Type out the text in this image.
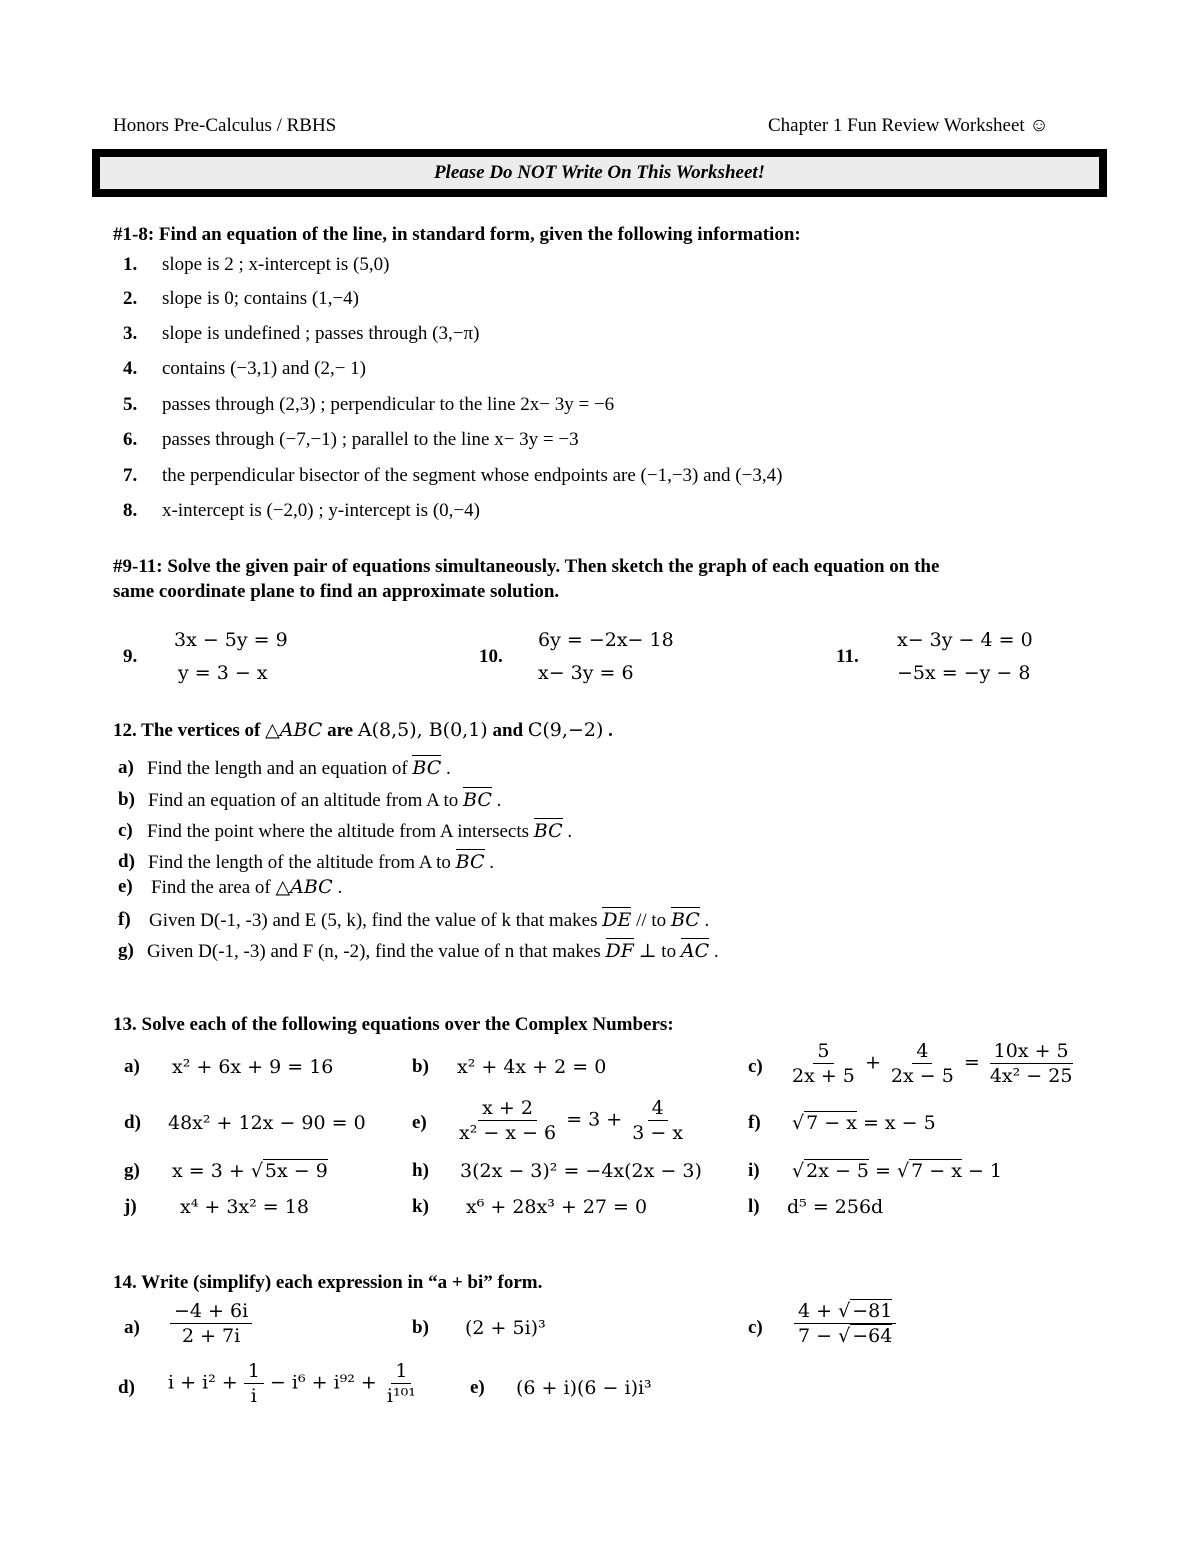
Honors Pre-Calculus / RBHS	Chapter 1 Fun Review Worksheet ☺
Please Do NOT Write On This Worksheet!
#1-8: Find an equation of the line, in standard form, given the following information:
1. slope is 2 ; x-intercept is (5,0)
2. slope is 0; contains (1,−4)
3. slope is undefined ; passes through (3,−π)
4. contains (−3,1) and (2,− 1)
5. passes through (2,3) ; perpendicular to the line 2x− 3y = −6
6. passes through (−7,−1) ; parallel to the line x− 3y = −3
7. the perpendicular bisector of the segment whose endpoints are (−1,−3) and (−3,4)
8. x-intercept is (−2,0) ; y-intercept is (0,−4)
#9-11: Solve the given pair of equations simultaneously. Then sketch the graph of each equation on the
same coordinate plane to find an approximate solution.
9.
3x − 5y = 9
y = 3 − x
10.
6y = −2x− 18
x− 3y = 6
11.
x− 3y − 4 = 0
−5x = −y − 8
12. The vertices of △ABC are A(8,5), B(0,1) and C(9,−2) .
a) Find the length and an equation of BC .
b) Find an equation of an altitude from A to BC .
c) Find the point where the altitude from A intersects BC .
d) Find the length of the altitude from A to BC .
e) Find the area of △ABC .
f) Given D(-1, -3) and E (5, k), find the value of k that makes DE // to BC .
g) Given D(-1, -3) and F (n, -2), find the value of n that makes DF ⊥ to AC .
13. Solve each of the following equations over the Complex Numbers:
a) x² + 6x + 9 = 16	b) x² + 4x + 2 = 0	$c) \frac{5}{2x + 5} + \frac{4}{2x - 5} = \frac{10x + 5}{\text{4x² − 25}}$
d) 48x² + 12x − 90 = 0 $e) \frac{x + 2}{\text{x² − x − 6}} = 3 + \frac{4}{3 - x}$	f) √ 7 − x = x − 5
g) x = 3 + √ 5x − 9	h) 3(2x − 3)² = −4x(2x − 3) i) √ 2x − 5 = √ 7 − x − 1
j) x⁴ + 3x² = 18	k) x⁶ + 28x³ + 27 = 0	l) d⁵ = 256d
14. Write (simplify) each expression in “a + bi” form.
$a) \frac{-4 + 6i}{2 + 7i}$	b) (2 + 5i)³	$c) \frac{4 + √ -81}{7 - √ -64}$
d) $i + i^2 + \frac{1}{i} - i^6 + i^{92} + \frac{1}{\text{i¹⁰¹}}$	e) (6 + i)(6 − i)i³
